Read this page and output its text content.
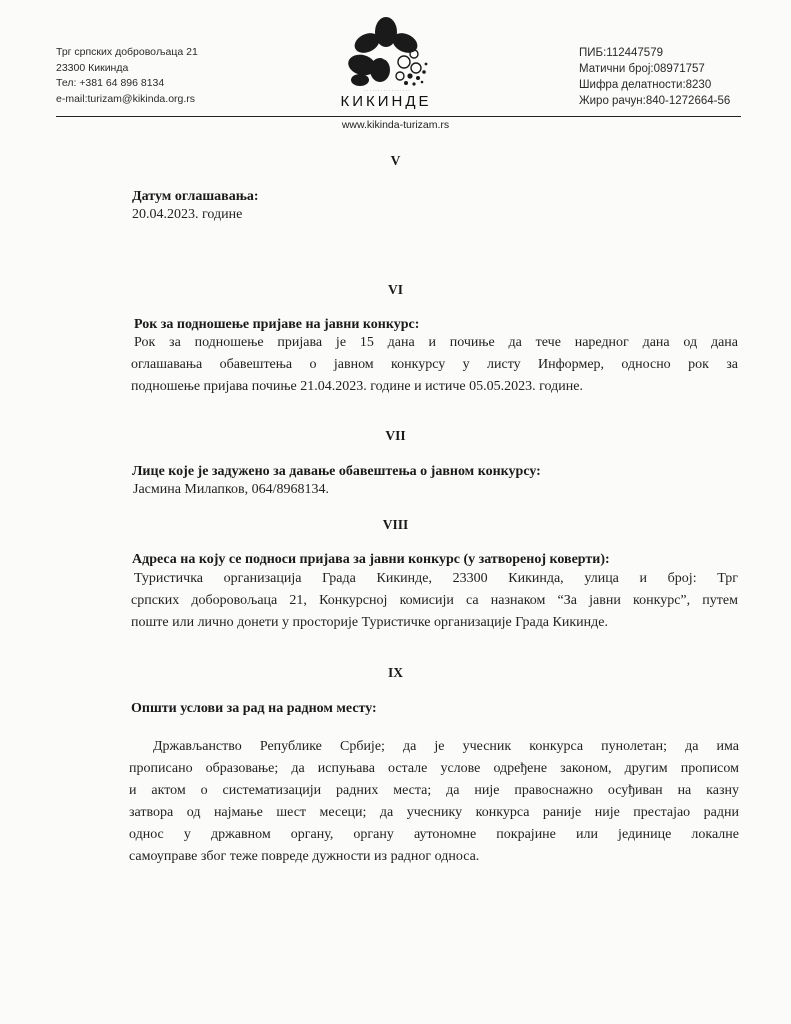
Трг српских добровољаца 21
23300 Кикинда
Тел: +381 64 896 8134
e-mail:turizam@kikinda.org.rs
· · · · · · · · · · · · · · · · ·
КИКИНДЕ
ПИБ:112447579
Матични број:08971757
Шифра делатности:8230
Жиро рачун:840-1272664-56
www.kikinda-turizam.rs
V
Датум оглашавања:
20.04.2023. године
VI
Рок за подношење пријаве на јавни конкурс:
Рок за подношење пријава је 15 дана и почиње да тече наредног дана од дана
оглашавања обавештења о јавном конкурсу у листу Информер, односно рок за
подношење пријава почиње 21.04.2023. године и истиче 05.05.2023. године.
VII
Лице које је задужено за давање обавештења о јавном конкурсу:
Јасмина Милапков, 064/8968134.
VIII
Адреса на коју се подноси пријава за јавни конкурс (у затвореној коверти):
Туристичка организација Града Кикинде, 23300 Кикинда, улица и број: Трг
српских доборовољаца 21, Конкурсној комисији са назнаком “За јавни конкурс”, путем
поште или лично донети у просторије Туристичке организације Града Кикинде.
IX
Општи услови за рад на радном месту:
Држављанство Републике Србије; да је учесник конкурса пунолетан; да има
прописано образовање; да испуњава остале услове одређене законом, другим прописом
и актом о систематизацији радних места; да није правоснажно осуђиван на казну
затвора од најмање шест месеци; да учеснику конкурса раније није престајао радни
однос у државном органу, органу аутономне покрајине или јединице локалне
самоуправе због теже повреде дужности из радног односа.
